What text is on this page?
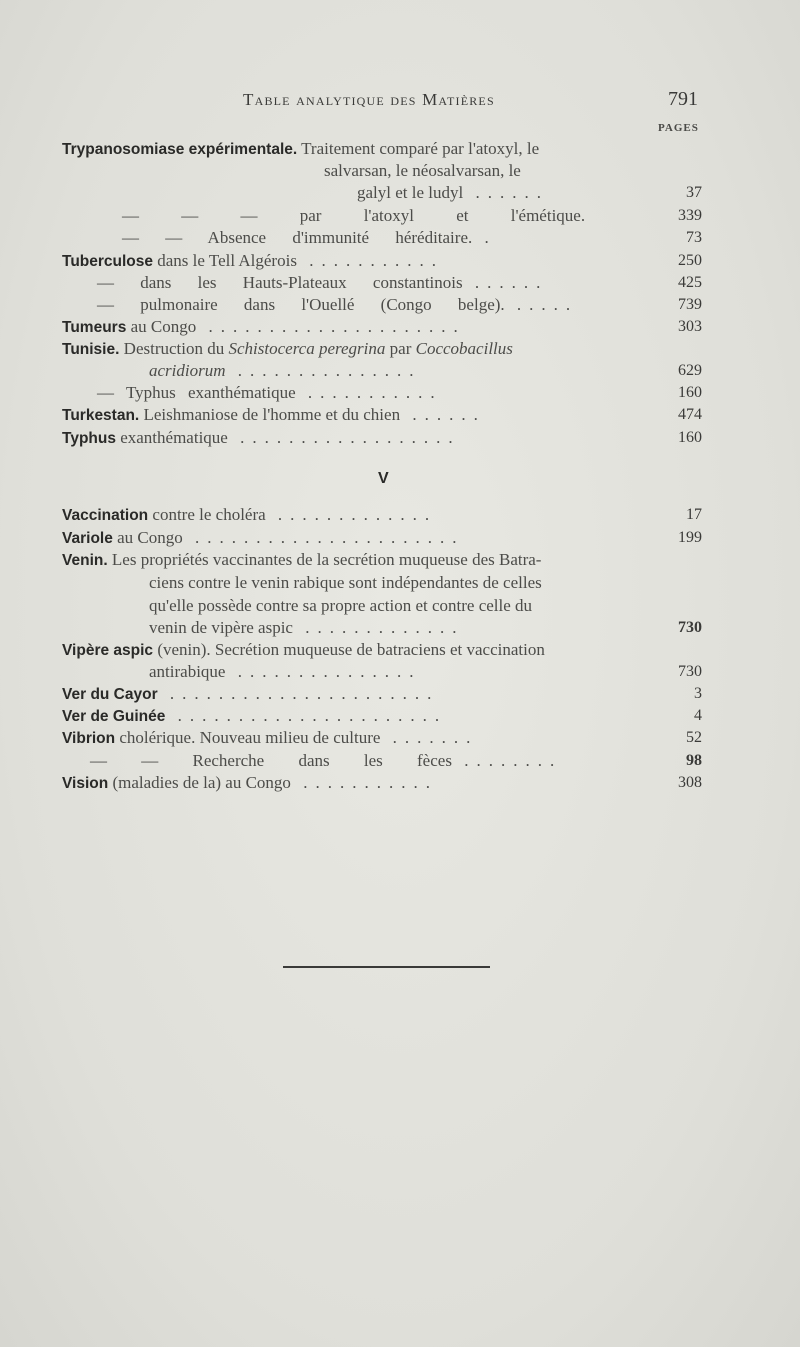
Table analytique des Matières	791
PAGES
Trypanosomiase expérimentale. Traitement comparé par l'atoxyl, le
salvarsan, le néosalvarsan, le
galyl et le ludyl ......	37
— — — par l'atoxyl et l'émétique.	339
— — Absence d'immunité héréditaire. .	73
Tuberculose dans le Tell Algérois ...........	250
— dans les Hauts-Plateaux constantinois ......	425
— pulmonaire dans l'Ouellé (Congo belge). .....	739
Tumeurs au Congo .....................	303
Tunisie. Destruction du Schistocerca peregrina par Coccobacillus
acridiorum ...............	629
— Typhus exanthématique ...........	160
Turkestan. Leishmaniose de l'homme et du chien ......	474
Typhus exanthématique ..................	160
V
Vaccination contre le choléra .............	17
Variole au Congo ......................	199
Venin. Les propriétés vaccinantes de la secrétion muqueuse des Batra-
ciens contre le venin rabique sont indépendantes de celles
qu'elle possède contre sa propre action et contre celle du
venin de vipère aspic .............	730
Vipère aspic (venin). Secrétion muqueuse de batraciens et vaccination
antirabique ...............	730
Ver du Cayor ......................	3
Ver de Guinée ......................	4
Vibrion cholérique. Nouveau milieu de culture .......	52
— — Recherche dans les fèces ........	98
Vision (maladies de la) au Congo ...........	308
